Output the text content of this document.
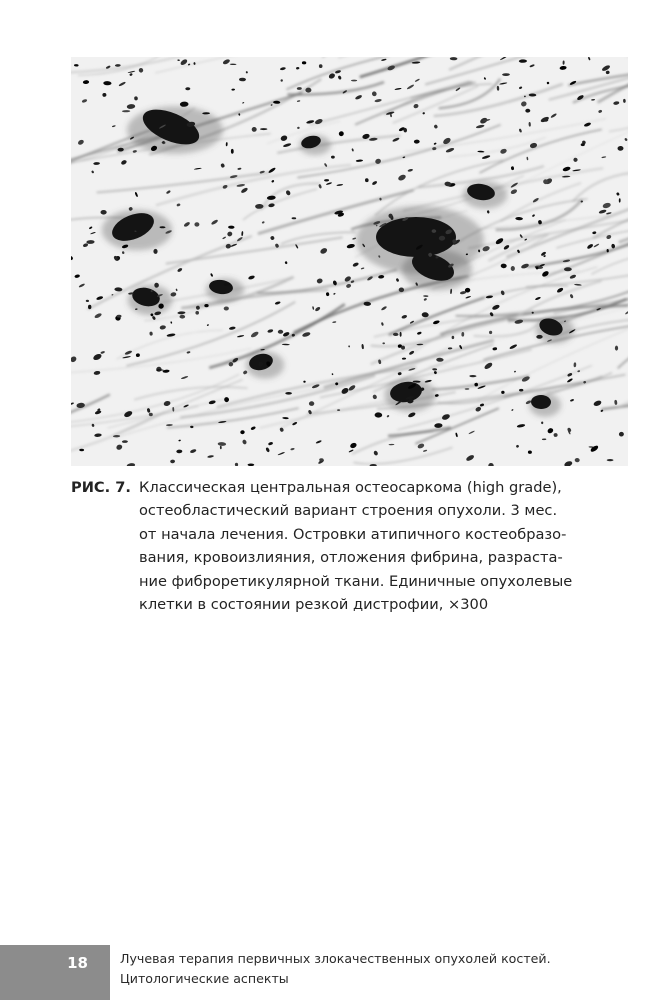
РИС. 7. Классическая центральная остеосаркома (high grade),
остеобластический вариант строения опухоли. 3 мес.
от начала лечения. Островки атипичного костеобразо-
вания, кровоизлияния, отложения фибрина, разраста-
ние фиброретикулярной ткани. Единичные опухолевые
клетки в состоянии резкой дистрофии, ×300
18	Лучевая терапия первичных злокачественных опухолей костей.
Цитологические аспекты
